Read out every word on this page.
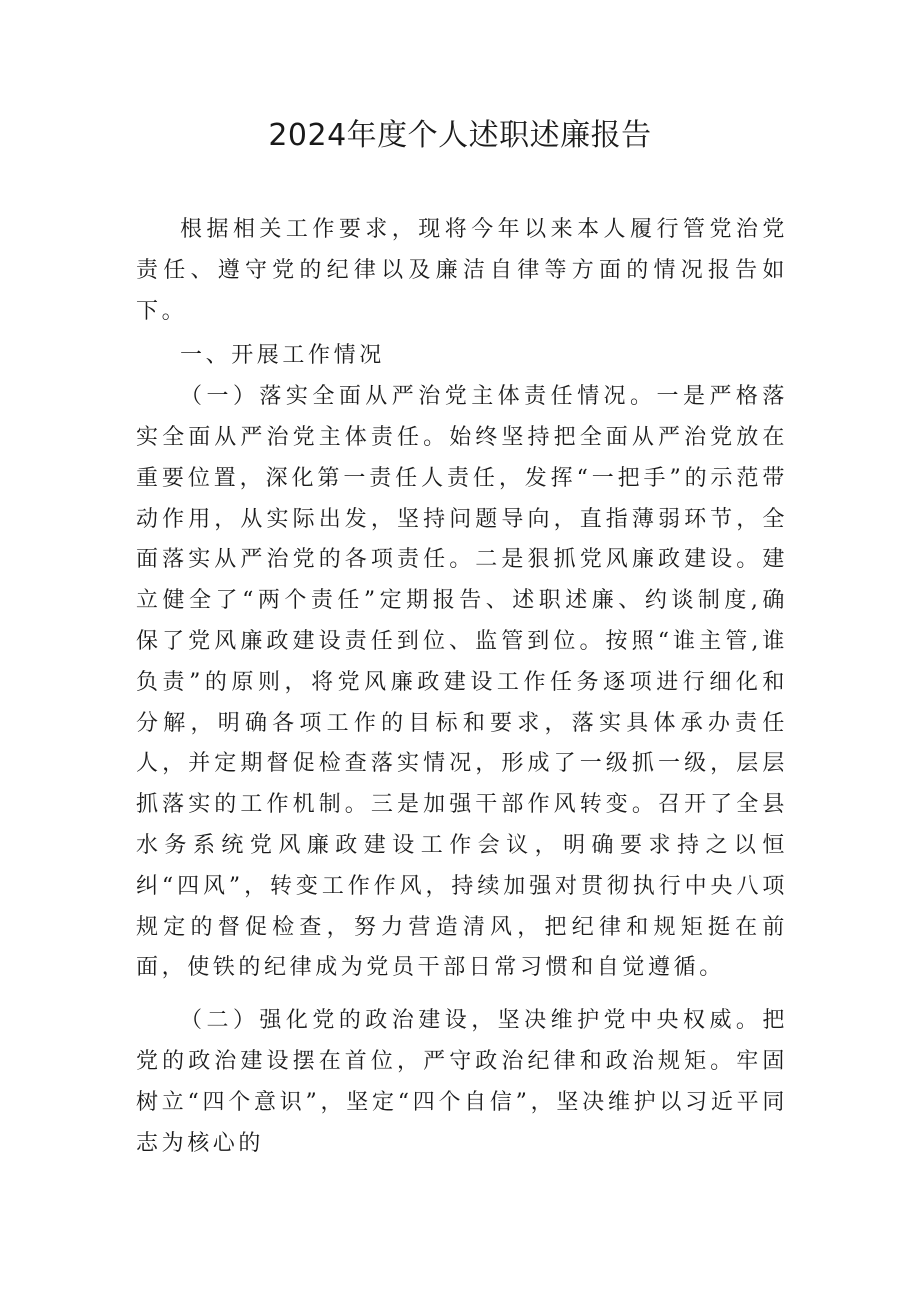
2024年度个人述职述廉报告

根据相关工作要求，现将今年以来本人履行管党治党责任、遵守党的纪律以及廉洁自律等方面的情况报告如下。

一、开展工作情况

（一）落实全面从严治党主体责任情况。一是严格落实全面从严治党主体责任。始终坚持把全面从严治党放在重要位置，深化第一责任人责任，发挥“一把手”的示范带动作用，从实际出发，坚持问题导向，直指薄弱环节，全面落实从严治党的各项责任。二是狠抓党风廉政建设。建立健全了“两个责任”定期报告、述职述廉、约谈制度,确保了党风廉政建设责任到位、监管到位。按照“谁主管,谁负责”的原则，将党风廉政建设工作任务逐项进行细化和分解，明确各项工作的目标和要求，落实具体承办责任人，并定期督促检查落实情况，形成了一级抓一级，层层抓落实的工作机制。三是加强干部作风转变。召开了全县水务系统党风廉政建设工作会议，明确要求持之以恒纠“四风”，转变工作作风，持续加强对贯彻执行中央八项规定的督促检查，努力营造清风，把纪律和规矩挺在前面，使铁的纪律成为党员干部日常习惯和自觉遵循。

（二）强化党的政治建设，坚决维护党中央权威。把党的政治建设摆在首位，严守政治纪律和政治规矩。牢固树立“四个意识”，坚定“四个自信”，坚决维护以习近平同志为核心的
